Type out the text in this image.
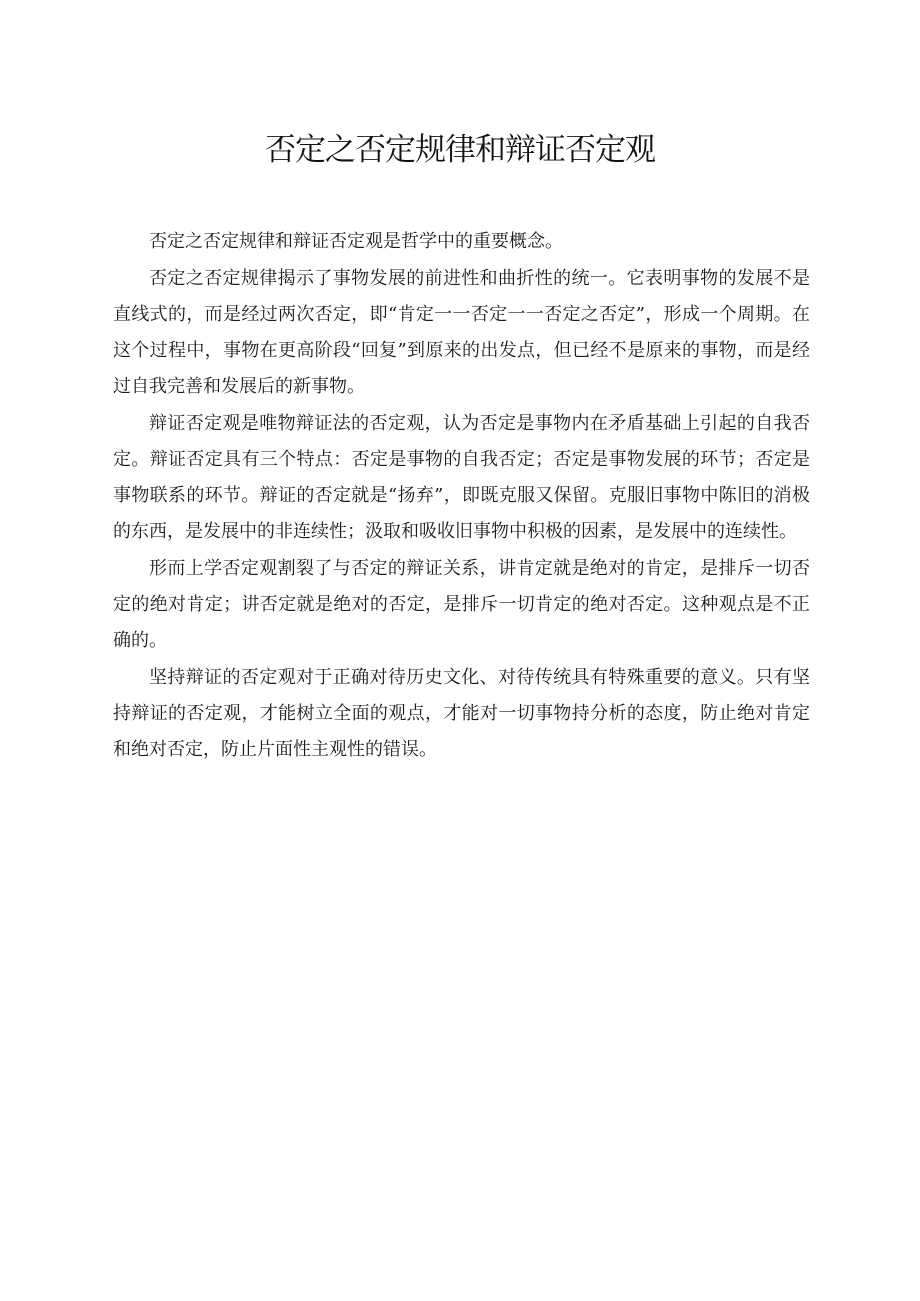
否定之否定规律和辩证否定观

否定之否定规律和辩证否定观是哲学中的重要概念。

否定之否定规律揭示了事物发展的前进性和曲折性的统一。它表明事物的发展不是直线式的，而是经过两次否定，即“肯定一一否定一一否定之否定”，形成一个周期。在这个过程中，事物在更高阶段“回复”到原来的出发点，但已经不是原来的事物，而是经过自我完善和发展后的新事物。

辩证否定观是唯物辩证法的否定观，认为否定是事物内在矛盾基础上引起的自我否定。辩证否定具有三个特点：否定是事物的自我否定；否定是事物发展的环节；否定是事物联系的环节。辩证的否定就是“扬弃”，即既克服又保留。克服旧事物中陈旧的消极的东西，是发展中的非连续性；汲取和吸收旧事物中积极的因素，是发展中的连续性。

形而上学否定观割裂了与否定的辩证关系，讲肯定就是绝对的肯定，是排斥一切否定的绝对肯定；讲否定就是绝对的否定，是排斥一切肯定的绝对否定。这种观点是不正确的。

坚持辩证的否定观对于正确对待历史文化、对待传统具有特殊重要的意义。只有坚持辩证的否定观，才能树立全面的观点，才能对一切事物持分析的态度，防止绝对肯定和绝对否定，防止片面性主观性的错误。
